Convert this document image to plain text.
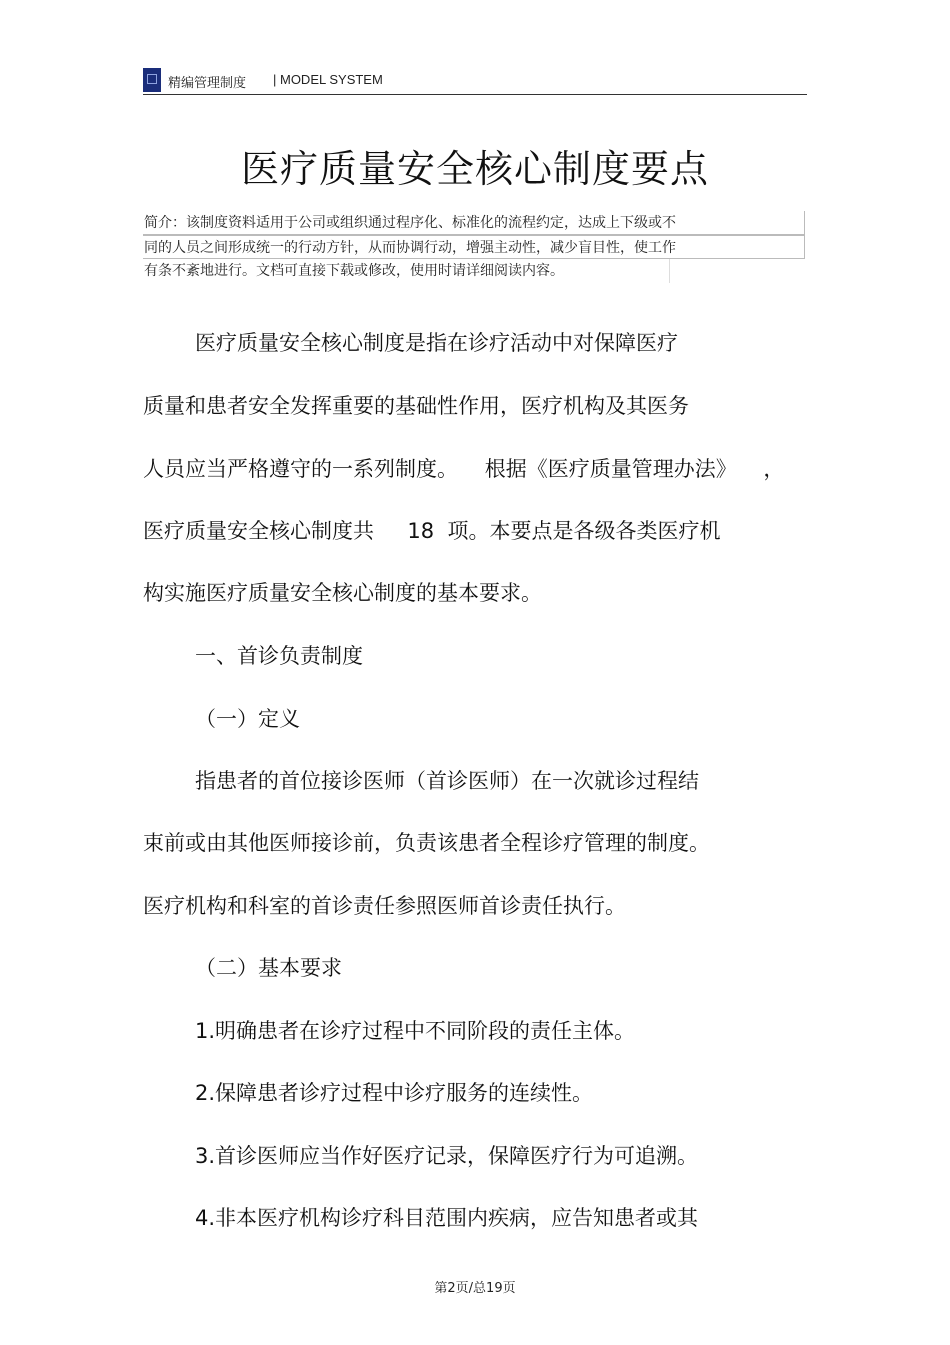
精编管理制度 | MODEL SYSTEM
医疗质量安全核心制度要点
简介：该制度资料适用于公司或组织通过程序化、标准化的流程约定，达成上下级或不
同的人员之间形成统一的行动方针，从而协调行动，增强主动性，减少盲目性，使工作
有条不紊地进行。文档可直接下载或修改，使用时请详细阅读内容。
医疗质量安全核心制度是指在诊疗活动中对保障医疗
质量和患者安全发挥重要的基础性作用，医疗机构及其医务
人员应当严格遵守的一系列制度。    根据《医疗质量管理办法》    ，
医疗质量安全核心制度共     18  项。本要点是各级各类医疗机
构实施医疗质量安全核心制度的基本要求。
一、首诊负责制度
（一）定义
指患者的首位接诊医师（首诊医师）在一次就诊过程结
束前或由其他医师接诊前，负责该患者全程诊疗管理的制度。
医疗机构和科室的首诊责任参照医师首诊责任执行。
（二）基本要求
1.明确患者在诊疗过程中不同阶段的责任主体。
2.保障患者诊疗过程中诊疗服务的连续性。
3.首诊医师应当作好医疗记录，保障医疗行为可追溯。
4.非本医疗机构诊疗科目范围内疾病，应告知患者或其
第2页/总19页
